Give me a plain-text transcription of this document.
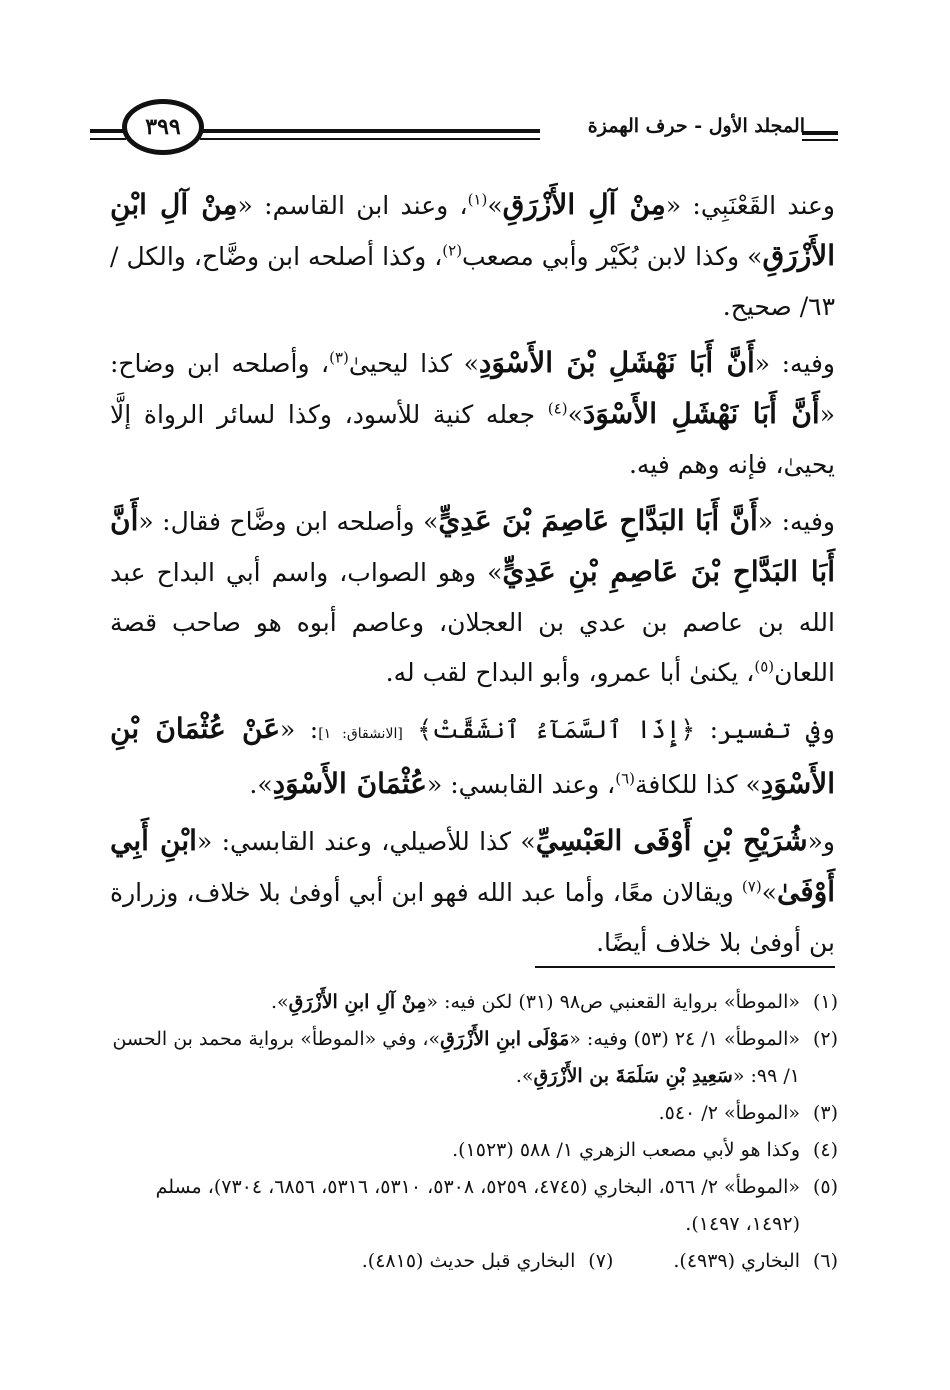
المجلد الأول - حرف الهمزة
٣٩٩

وعند القَعْنَبِي: «مِنْ آلِ الأَزْرَقِ»$^{(١)}$، وعند ابن القاسم: «مِنْ آلِ ابْنِ الأَزْرَقِ» وكذا لابن بُكَيْر وأبي مصعب$^{(٢)}$، وكذا أصلحه ابن وضَّاح، والكل /٦٣/ صحيح.

وفيه: «أَنَّ أَبَا نَهْشَلِ بْنَ الأَسْوَدِ» كذا ليحيىٰ$^{(٣)}$، وأصلحه ابن وضاح: «أَنَّ أَبَا نَهْشَلِ الأَسْوَدَ»$^{(٤)}$ جعله كنية للأسود، وكذا لسائر الرواة إلَّا يحيىٰ، فإنه وهم فيه.

وفيه: «أَنَّ أَبَا البَدَّاحِ عَاصِمَ بْنَ عَدِيٍّ» وأصلحه ابن وضَّاح فقال: «أَنَّ أَبَا البَدَّاحِ بْنَ عَاصِمِ بْنِ عَدِيٍّ» وهو الصواب، واسم أبي البداح عبد الله بن عاصم بن عدي بن العجلان، وعاصم أبوه هو صاحب قصة اللعان$^{(٥)}$، يكنىٰ أبا عمرو، وأبو البداح لقب له.

وفي تفسير: ﴿إِذَا ٱلسَّمَآءُ ٱنشَقَّتْ﴾ [الانشقاق: ١]: «عَنْ عُثْمَانَ بْنِ الأَسْوَدِ» كذا للكافة$^{(٦)}$، وعند القابسي: «عُثْمَانَ الأَسْوَدِ».

و«شُرَيْحِ بْنِ أَوْفَى العَبْسِيِّ» كذا للأصيلي، وعند القابسي: «ابْنِ أَبِي أَوْفَىٰ»$^{(٧)}$ ويقالان معًا، وأما عبد الله فهو ابن أبي أوفىٰ بلا خلاف، وزرارة بن أوفىٰ بلا خلاف أيضًا.

(١)
«الموطأ» برواية القعنبي ص٩٨ (٣١) لكن فيه: «مِنْ آلِ ابنِ الأَزْرَقِ».

(٢)
«الموطأ» ١/ ٢٤ (٥٣) وفيه: «مَوْلَى ابنِ الأَزْرَقِ»، وفي «الموطأ» برواية محمد بن الحسن ١/ ٩٩: «سَعِيدِ بْنِ سَلَمَةَ بن الأَزْرَقِ».

(٣)
«الموطأ» ٢/ ٥٤٠.

(٤)
وكذا هو لأبي مصعب الزهري ١/ ٥٨٨ (١٥٢٣).

(٥)
«الموطأ» ٢/ ٥٦٦، البخاري (٤٧٤٥، ٥٢٥٩، ٥٣٠٨، ٥٣١٠، ٥٣١٦، ٦٨٥٦، ٧٣٠٤)، مسلم (١٤٩٢، ١٤٩٧).

(٦)
البخاري (٤٩٣٩).

(٧)
البخاري قبل حديث (٤٨١٥).
